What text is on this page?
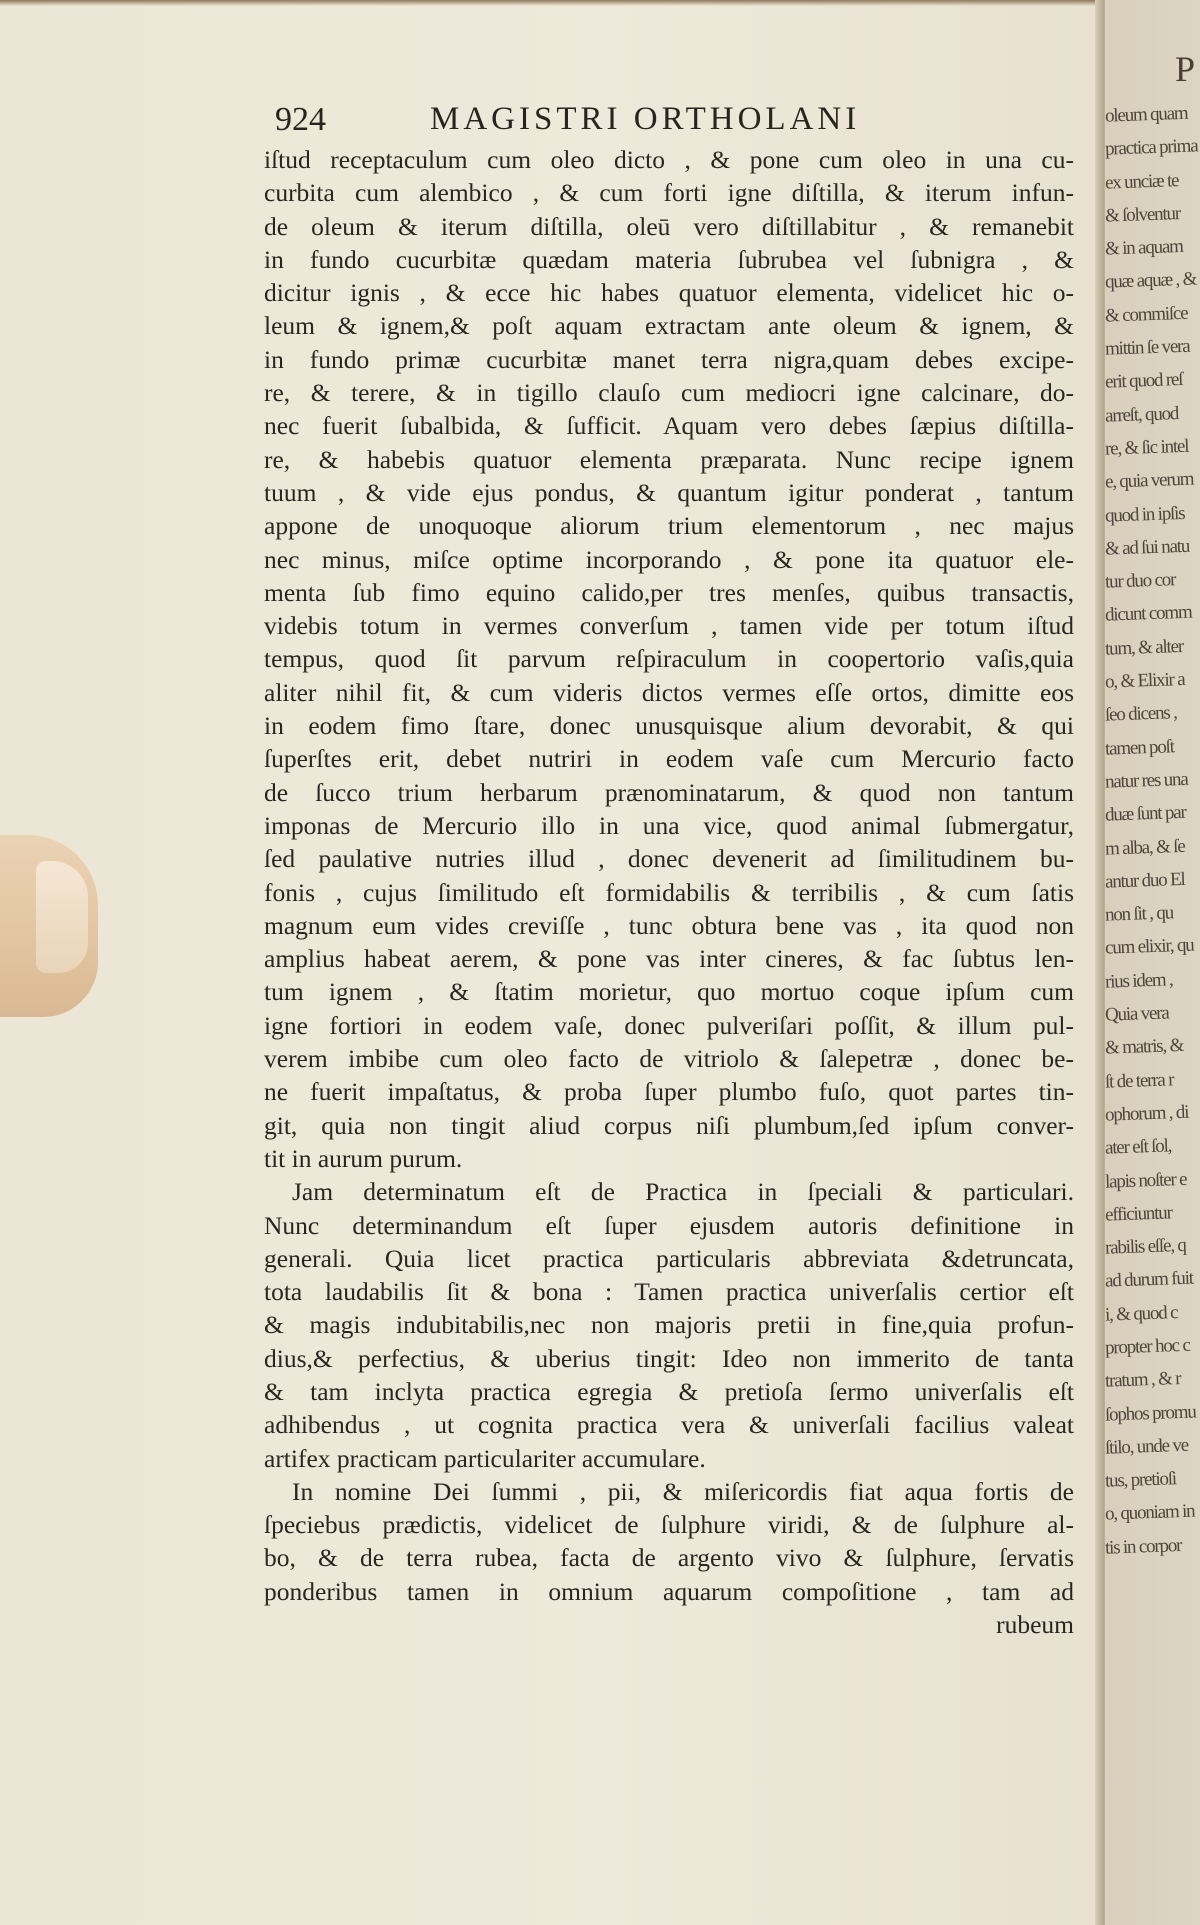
924	MAGISTRI ORTHOLANI
iſtud receptaculum cum oleo dicto , & pone cum oleo in una cu-
curbita cum alembico , & cum forti igne diſtilla, & iterum infun-
de oleum & iterum diſtilla, oleū vero diſtillabitur , & remanebit
in fundo cucurbitæ quædam materia ſubrubea vel ſubnigra , &
dicitur ignis , & ecce hic habes quatuor elementa, videlicet hic o-
leum & ignem,& poſt aquam extractam ante oleum & ignem, &
in fundo primæ cucurbitæ manet terra nigra,quam debes excipe-
re, & terere, & in tigillo clauſo cum mediocri igne calcinare, do-
nec fuerit ſubalbida, & ſufficit. Aquam vero debes ſæpius diſtilla-
re, & habebis quatuor elementa præparata. Nunc recipe ignem
tuum , & vide ejus pondus, & quantum igitur ponderat , tantum
appone de unoquoque aliorum trium elementorum , nec majus
nec minus, miſce optime incorporando , & pone ita quatuor ele-
menta ſub fimo equino calido,per tres menſes, quibus transactis,
videbis totum in vermes converſum , tamen vide per totum iſtud
tempus, quod ſit parvum reſpiraculum in coopertorio vaſis,quia
aliter nihil fit, & cum videris dictos vermes eſſe ortos, dimitte eos
in eodem fimo ſtare, donec unusquisque alium devorabit, & qui
ſuperſtes erit, debet nutriri in eodem vaſe cum Mercurio facto
de ſucco trium herbarum prænominatarum, & quod non tantum
imponas de Mercurio illo in una vice, quod animal ſubmergatur,
ſed paulative nutries illud , donec devenerit ad ſimilitudinem bu-
fonis , cujus ſimilitudo eſt formidabilis & terribilis , & cum ſatis
magnum eum vides creviſſe , tunc obtura bene vas , ita quod non
amplius habeat aerem, & pone vas inter cineres, & fac ſubtus len-
tum ignem , & ſtatim morietur, quo mortuo coque ipſum cum
igne fortiori in eodem vaſe, donec pulveriſari poſſit, & illum pul-
verem imbibe cum oleo facto de vitriolo & ſalepetræ , donec be-
ne fuerit impaſtatus, & proba ſuper plumbo fuſo, quot partes tin-
git, quia non tingit aliud corpus niſi plumbum,ſed ipſum conver-
tit in aurum purum.
Jam determinatum eſt de Practica in ſpeciali & particulari.
Nunc determinandum eſt ſuper ejusdem autoris definitione in
generali. Quia licet practica particularis abbreviata &detruncata,
tota laudabilis ſit & bona : Tamen practica univerſalis certior eſt
& magis indubitabilis,nec non majoris pretii in fine,quia profun-
dius,& perfectius, & uberius tingit: Ideo non immerito de tanta
& tam inclyta practica egregia & pretioſa ſermo univerſalis eſt
adhibendus , ut cognita practica vera & univerſali facilius valeat
artifex practicam particulariter accumulare.
In nomine Dei ſummi , pii, & miſericordis fiat aqua fortis de
ſpeciebus prædictis, videlicet de ſulphure viridi, & de ſulphure al-
bo, & de terra rubea, facta de argento vivo & ſulphure, ſervatis
ponderibus tamen in omnium aquarum compoſitione , tam ad
rubeum
P
oleum quam
practica prima
ex unciæ te
& ſolventur
& in aquam
quæ aquæ , &
& commiſce
mittin ſe vera
erit quod reſ
arreſt, quod
re, & ſic intel
e, quia verum
quod in ipſis
& ad ſui natu
tur duo cor
dicunt comm
tum, & alter
o, & Elixir a
ſeo dicens ,
tamen poſt
natur res una
duæ ſunt par
m alba, & ſe
antur duo El
non ſit , qu
cum elixir, qu
rius idem ,
Quia vera
& matris, &
ſt de terra r
ophorum , di
ater eſt ſol,
lapis noſter e
efficiuntur
rabilis eſſe, q
ad durum fuit
i, & quod c
propter hoc c
tratum , & r
ſophos promu
ſtilo, unde ve
tus, pretioſi
o, quoniam in
tis in corpor
